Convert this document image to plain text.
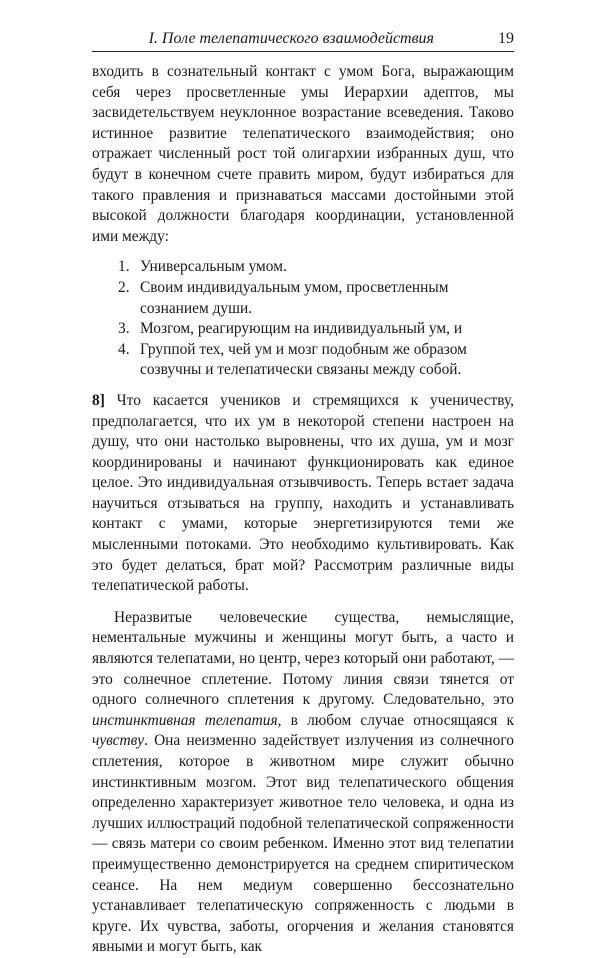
I. Поле телепатического взаимодействия	19

входить в сознательный контакт с умом Бога, выражающим себя через просветленные умы Иерархии адептов, мы засвидетельствуем неуклонное возрастание всеведения. Таково истинное развитие телепатического взаимодействия; оно отражает численный рост той олигархии избранных душ, что будут в конечном счете править миром, будут избираться для такого правления и признаваться массами достойными этой высокой должности благодаря координации, установленной ими между:

1. Универсальным умом.
2. Своим индивидуальным умом, просветленным сознанием души.
3. Мозгом, реагирующим на индивидуальный ум, и
4. Группой тех, чей ум и мозг подобным же образом созвучны и телепатически связаны между собой.

8] Что касается учеников и стремящихся к ученичеству, предполагается, что их ум в некоторой степени настроен на душу, что они настолько выровнены, что их душа, ум и мозг координированы и начинают функционировать как единое целое. Это индивидуальная отзывчивость. Теперь встает задача научиться отзываться на группу, находить и устанавливать контакт с умами, которые энергетизируются теми же мысленными потоками. Это необходимо культивировать. Как это будет делаться, брат мой? Рассмотрим различные виды телепатической работы.

Неразвитые человеческие существа, немыслящие, нементальные мужчины и женщины могут быть, а часто и являются телепатами, но центр, через который они работают, — это солнечное сплетение. Потому линия связи тянется от одного солнечного сплетения к другому. Следовательно, это инстинктивная телепатия, в любом случае относящаяся к чувству. Она неизменно задействует излучения из солнечного сплетения, которое в животном мире служит обычно инстинктивным мозгом. Этот вид телепатического общения определенно характеризует животное тело человека, и одна из лучших иллюстраций подобной телепатической сопряженности — связь матери со своим ребенком. Именно этот вид телепатии преимущественно демонстрируется на среднем спиритическом сеансе. На нем медиум совершенно бессознательно устанавливает телепатическую сопряженность с людьми в круге. Их чувства, заботы, огорчения и желания становятся явными и могут быть, как
